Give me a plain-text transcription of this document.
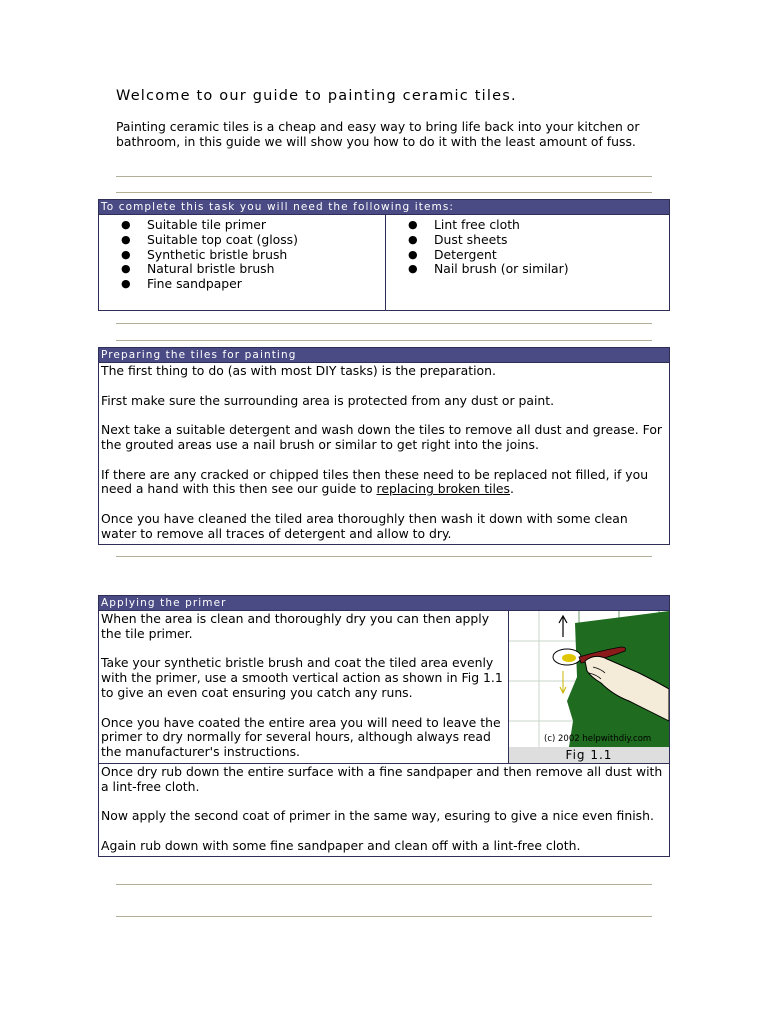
Welcome to our guide to painting ceramic tiles.

Painting ceramic tiles is a cheap and easy way to bring life back into your kitchen or bathroom, in this guide we will show you how to do it with the least amount of fuss.

To complete this task you will need the following items:
● Suitable tile primer
● Suitable top coat (gloss)
● Synthetic bristle brush
● Natural bristle brush
● Fine sandpaper
● Lint free cloth
● Dust sheets
● Detergent
● Nail brush (or similar)
Preparing the tiles for painting

The first thing to do (as with most DIY tasks) is the preparation.

First make sure the surrounding area is protected from any dust or paint.

Next take a suitable detergent and wash down the tiles to remove all dust and grease. For the grouted areas use a nail brush or similar to get right into the joins.

If there are any cracked or chipped tiles then these need to be replaced not filled, if you need a hand with this then see our guide to replacing broken tiles.

Once you have cleaned the tiled area thoroughly then wash it down with some clean water to remove all traces of detergent and allow to dry.

Applying the primer

When the area is clean and thoroughly dry you can then apply the tile primer.

Take your synthetic bristle brush and coat the tiled area evenly with the primer, use a smooth vertical action as shown in Fig 1.1 to give an even coat ensuring you catch any runs.

Once you have coated the entire area you will need to leave the primer to dry normally for several hours, although always read the manufacturer's instructions.

(c) 2002 helpwithdiy.com
Fig 1.1

Once dry rub down the entire surface with a fine sandpaper and then remove all dust with a lint-free cloth.

Now apply the second coat of primer in the same way, esuring to give a nice even finish.

Again rub down with some fine sandpaper and clean off with a lint-free cloth.
